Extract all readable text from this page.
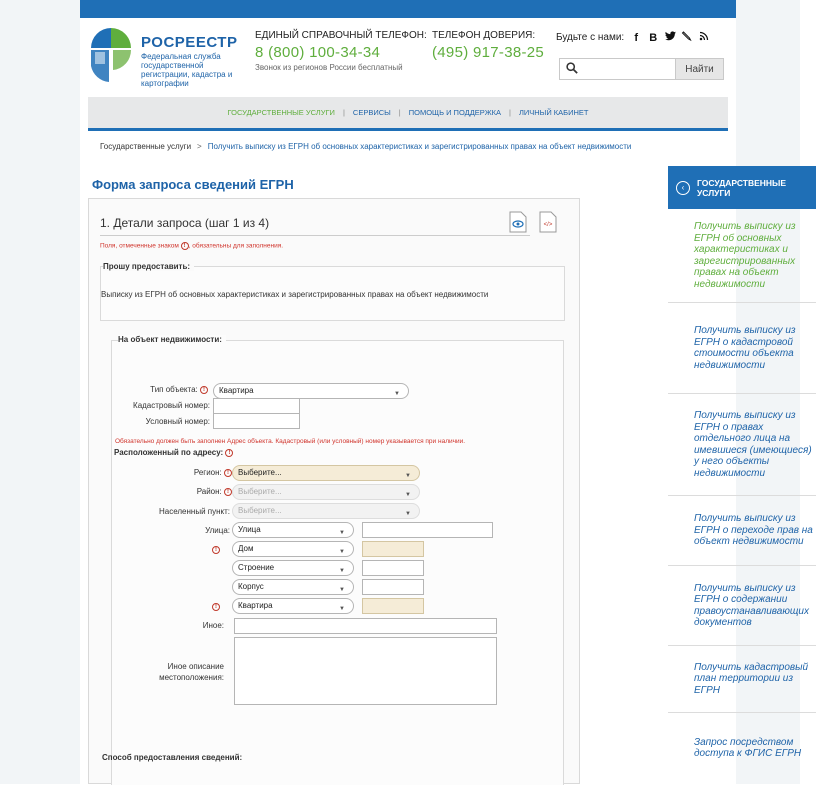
РОСРЕЕСТР
Федеральная служба государственной регистрации, кадастра и картографии
ЕДИНЫЙ СПРАВОЧНЫЙ ТЕЛЕФОН:
8 (800) 100-34-34
Звонок из регионов России бесплатный
ТЕЛЕФОН ДОВЕРИЯ:
(495) 917-38-25
Будьте с нами: f В
Найти
ГОСУДАРСТВЕННЫЕ УСЛУГИ	|	СЕРВИСЫ	|	ПОМОЩЬ И ПОДДЕРЖКА	|	ЛИЧНЫЙ КАБИНЕТ
Государственные услуги > Получить выписку из ЕГРН об основных характеристиках и зарегистрированных правах на объект недвижимости
Форма запроса сведений ЕГРН
1. Детали запроса (шаг 1 из 4)	</>
Поля, отмеченные знаком ! , обязательны для заполнения.
Прошу предоставить:
Выписку из ЕГРН об основных характеристиках и зарегистрированных правах на объект недвижимости
На объект недвижимости:
Тип объекта: !	Квартира	▼
Кадастровый номер:
Условный номер:
Обязательно должен быть заполнен Адрес объекта. Кадастровый (или условный) номер указывается при наличии.
Расположенный по адресу: !
Регион: !	Выберите...	▼
Район: !	Выберите...	▼
Населенный пункт:	Выберите...	▼
Улица:	Улица	▼
!	Дом	▼
Строение	▼
Корпус	▼
!	Квартира	▼
Иное:
Иное описание
местоположения:
Способ предоставления сведений:
‹	ГОСУДАРСТВЕННЫЕ УСЛУГИ
Получить выписку из ЕГРН об основных характеристиках и зарегистрированных правах на объект недвижимости
Получить выписку из ЕГРН о кадастровой стоимости объекта недвижимости
Получить выписку из ЕГРН о правах отдельного лица на имевшиеся (имеющиеся) у него объекты недвижимости
Получить выписку из ЕГРН о переходе прав на объект недвижимости
Получить выписку из ЕГРН о содержании правоустанавливающих документов
Получить кадастровый план территории из ЕГРН
Запрос посредством доступа к ФГИС ЕГРН
